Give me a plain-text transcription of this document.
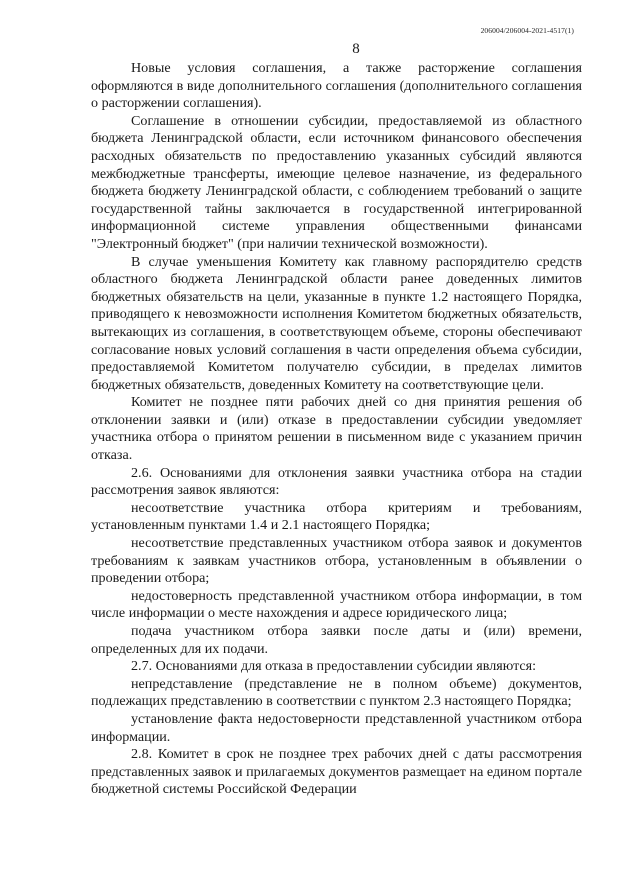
206004/206004-2021-4517(1)
8

Новые условия соглашения, а также расторжение соглашения оформляются в виде дополнительного соглашения (дополнительного соглашения о расторжении соглашения).

Соглашение в отношении субсидии, предоставляемой из областного бюджета Ленинградской области, если источником финансового обеспечения расходных обязательств по предоставлению указанных субсидий являются межбюджетные трансферты, имеющие целевое назначение, из федерального бюджета бюджету Ленинградской области, с соблюдением требований о защите государственной тайны заключается в государственной интегрированной информационной системе управления общественными финансами "Электронный бюджет" (при наличии технической возможности).

В случае уменьшения Комитету как главному распорядителю средств областного бюджета Ленинградской области ранее доведенных лимитов бюджетных обязательств на цели, указанные в пункте 1.2 настоящего Порядка, приводящего к невозможности исполнения Комитетом бюджетных обязательств, вытекающих из соглашения, в соответствующем объеме, стороны обеспечивают согласование новых условий соглашения в части определения объема субсидии, предоставляемой Комитетом получателю субсидии, в пределах лимитов бюджетных обязательств, доведенных Комитету на соответствующие цели.

Комитет не позднее пяти рабочих дней со дня принятия решения об отклонении заявки и (или) отказе в предоставлении субсидии уведомляет участника отбора о принятом решении в письменном виде с указанием причин отказа.

2.6. Основаниями для отклонения заявки участника отбора на стадии рассмотрения заявок являются:

несоответствие участника отбора критериям и требованиям, установленным пунктами 1.4 и 2.1 настоящего Порядка;

несоответствие представленных участником отбора заявок и документов требованиям к заявкам участников отбора, установленным в объявлении о проведении отбора;

недостоверность представленной участником отбора информации, в том числе информации о месте нахождения и адресе юридического лица;

подача участником отбора заявки после даты и (или) времени, определенных для их подачи.

2.7. Основаниями для отказа в предоставлении субсидии являются:

непредставление (представление не в полном объеме) документов, подлежащих представлению в соответствии с пунктом 2.3 настоящего Порядка;

установление факта недостоверности представленной участником отбора информации.

2.8. Комитет в срок не позднее трех рабочих дней с даты рассмотрения представленных заявок и прилагаемых документов размещает на едином портале бюджетной системы Российской Федерации
